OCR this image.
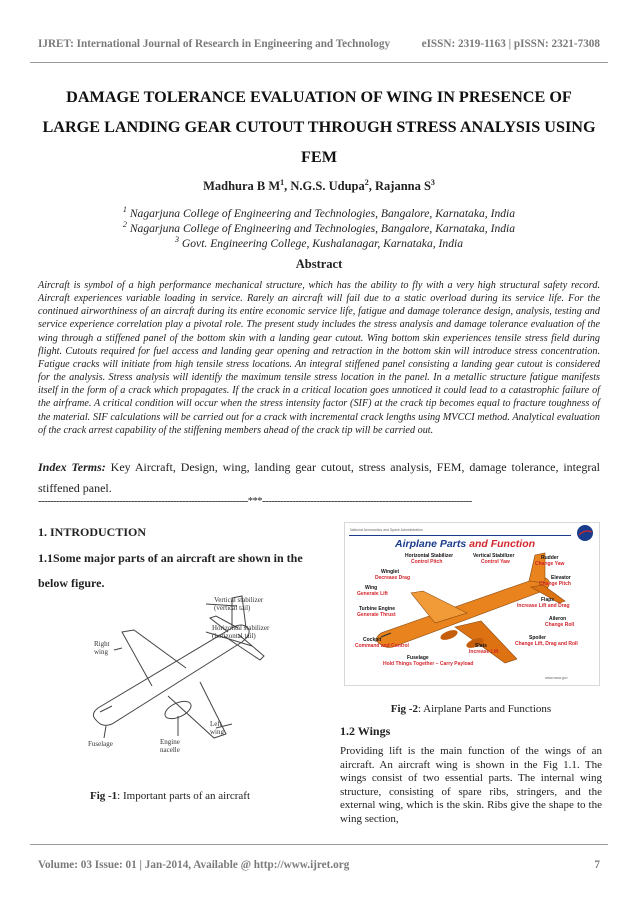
IJRET: International Journal of Research in Engineering and Technology	eISSN: 2319-1163 | pISSN: 2321-7308
DAMAGE TOLERANCE EVALUATION OF WING IN PRESENCE OF LARGE LANDING GEAR CUTOUT THROUGH STRESS ANALYSIS USING FEM
Madhura B $M^1$, N.G.S. Udupa$^2$, Rajanna $S^3$
$^1$ Nagarjuna College of Engineering and Technologies, Bangalore, Karnataka, India
$^2$ Nagarjuna College of Engineering and Technologies, Bangalore, Karnataka, India
$^3$ Govt. Engineering College, Kushalanagar, Karnataka, India
Abstract
Aircraft is symbol of a high performance mechanical structure, which has the ability to fly with a very high structural safety record. Aircraft experiences variable loading in service. Rarely an aircraft will fail due to a static overload during its service life. For the continued airworthiness of an aircraft during its entire economic service life, fatigue and damage tolerance design, analysis, testing and service experience correlation play a pivotal role. The present study includes the stress analysis and damage tolerance evaluation of the wing through a stiffened panel of the bottom skin with a landing gear cutout. Wing bottom skin experiences tensile stress field during flight. Cutouts required for fuel access and landing gear opening and retraction in the bottom skin will introduce stress concentration. Fatigue cracks will initiate from high tensile stress locations. An integral stiffened panel consisting a landing gear cutout is considered for the analysis. Stress analysis will identify the maximum tensile stress location in the panel. In a metallic structure fatigue manifests itself in the form of a crack which propagates. If the crack in a critical location goes unnoticed it could lead to a catastrophic failure of the airframe. A critical condition will occur when the stress intensity factor (SIF) at the crack tip becomes equal to fracture toughness of the material. SIF calculations will be carried out for a crack with incremental crack lengths using MVCCI method. Analytical evaluation of the crack arrest capability of the stiffening members ahead of the crack tip will be carried out.
Index Terms: Key Aircraft, Design, wing, landing gear cutout, stress analysis, FEM, damage tolerance, integral stiffened panel.
----------------------------------------------------------------------***----------------------------------------------------------------------
1. INTRODUCTION
1.1Some major parts of an aircraft are shown in the below figure.
Vertical stabilizer
(vertical tail)
Horizontal stabilizer
(horizontal tail)
Right
wing
Engine
nacelle
Left
wing
Fuselage
Fig -1: Important parts of an aircraft
National Aeronautics and Space Administration
Airplane Parts and Function
Horizontal Stabilizer
Control Pitch
Vertical Stabilizer
Control Yaw
Rudder
Change Yaw
Winglet
Decrease Drag	Elevator
Change Pitch
Wing
Generate Lift
Flaps
Increase Lift and Drag
Turbine Engine
Generate Thrust
Aileron
Change Roll
Spoiler
Change Lift, Drag and Roll
Cockpit
Command and Control	Slats
Increase Lift
Fuselage
Hold Things Together – Carry Payload
www.nasa.gov
Fig -2: Airplane Parts and Functions
1.2 Wings
Providing lift is the main function of the wings of an aircraft. An aircraft wing is shown in the Fig 1.1. The wings consist of two essential parts. The internal wing structure, consisting of spare ribs, stringers, and the external wing, which is the skin. Ribs give the shape to the wing section,
Volume: 03 Issue: 01 | Jan-2014, Available @ http://www.ijret.org	7
